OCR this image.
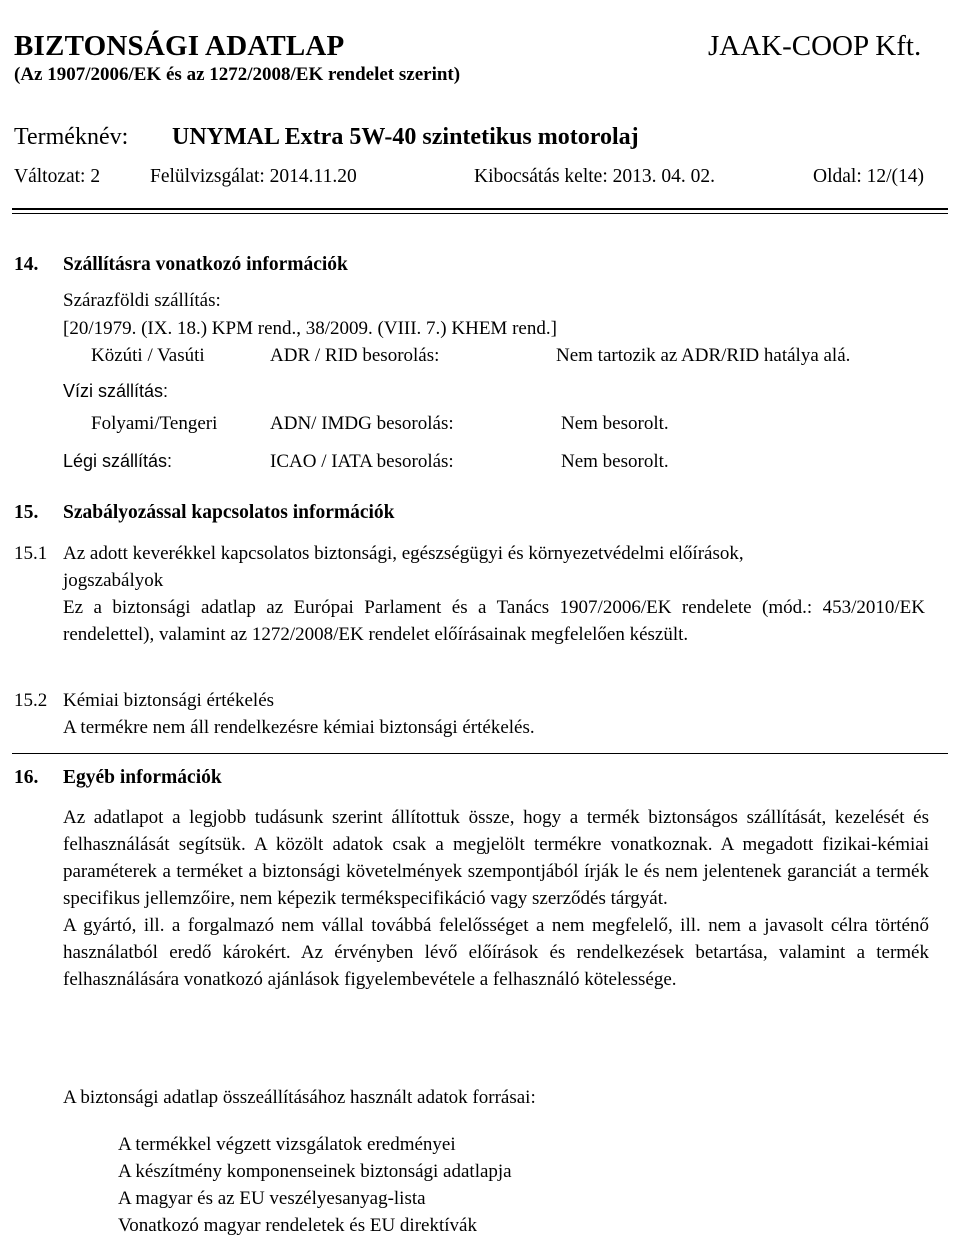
BIZTONSÁGI ADATLAP	JAAK-COOP Kft.
(Az 1907/2006/EK és az 1272/2008/EK rendelet szerint)
Terméknév: UNYMAL Extra 5W-40 szintetikus motorolaj
Változat: 2	Felülvizsgálat: 2014.11.20	Kibocsátás kelte: 2013. 04. 02.	Oldal: 12/(14)
14. Szállításra vonatkozó információk
Szárazföldi szállítás:
[20/1979. (IX. 18.) KPM rend., 38/2009. (VIII. 7.) KHEM rend.]
Közúti / Vasúti	ADR / RID besorolás:	Nem tartozik az ADR/RID hatálya alá.
Vízi szállítás:
Folyami/Tengeri	ADN/ IMDG besorolás:	Nem besorolt.
Légi szállítás:	ICAO / IATA besorolás:	Nem besorolt.
15. Szabályozással kapcsolatos információk
15.1 Az adott keverékkel kapcsolatos biztonsági, egészségügyi és környezetvédelmi előírások,
jogszabályok

Ez a biztonsági adatlap az Európai Parlament és a Tanács 1907/2006/EK rendelete (mód.: 453/2010/EK rendelettel), valamint az 1272/2008/EK rendelet előírásainak megfelelően készült.

15.2 Kémiai biztonsági értékelés
A termékre nem áll rendelkezésre kémiai biztonsági értékelés.
16. Egyéb információk

Az adatlapot a legjobb tudásunk szerint állítottuk össze, hogy a termék biztonságos szállítását, kezelését és felhasználását segítsük. A közölt adatok csak a megjelölt termékre vonatkoznak. A megadott fizikai-kémiai paraméterek a terméket a biztonsági követelmények szempontjából írják le és nem jelentenek garanciát a termék specifikus jellemzőire, nem képezik termékspecifikáció vagy szerződés tárgyát.

A gyártó, ill. a forgalmazó nem vállal továbbá felelősséget a nem megfelelő, ill. nem a javasolt célra történő használatból eredő károkért. Az érvényben lévő előírások és rendelkezések betartása, valamint a termék felhasználására vonatkozó ajánlások figyelembevétele a felhasználó kötelessége.

A biztonsági adatlap összeállításához használt adatok forrásai:
A termékkel végzett vizsgálatok eredményei
A készítmény komponenseinek biztonsági adatlapja
A magyar és az EU veszélyesanyag-lista
Vonatkozó magyar rendeletek és EU direktívák
